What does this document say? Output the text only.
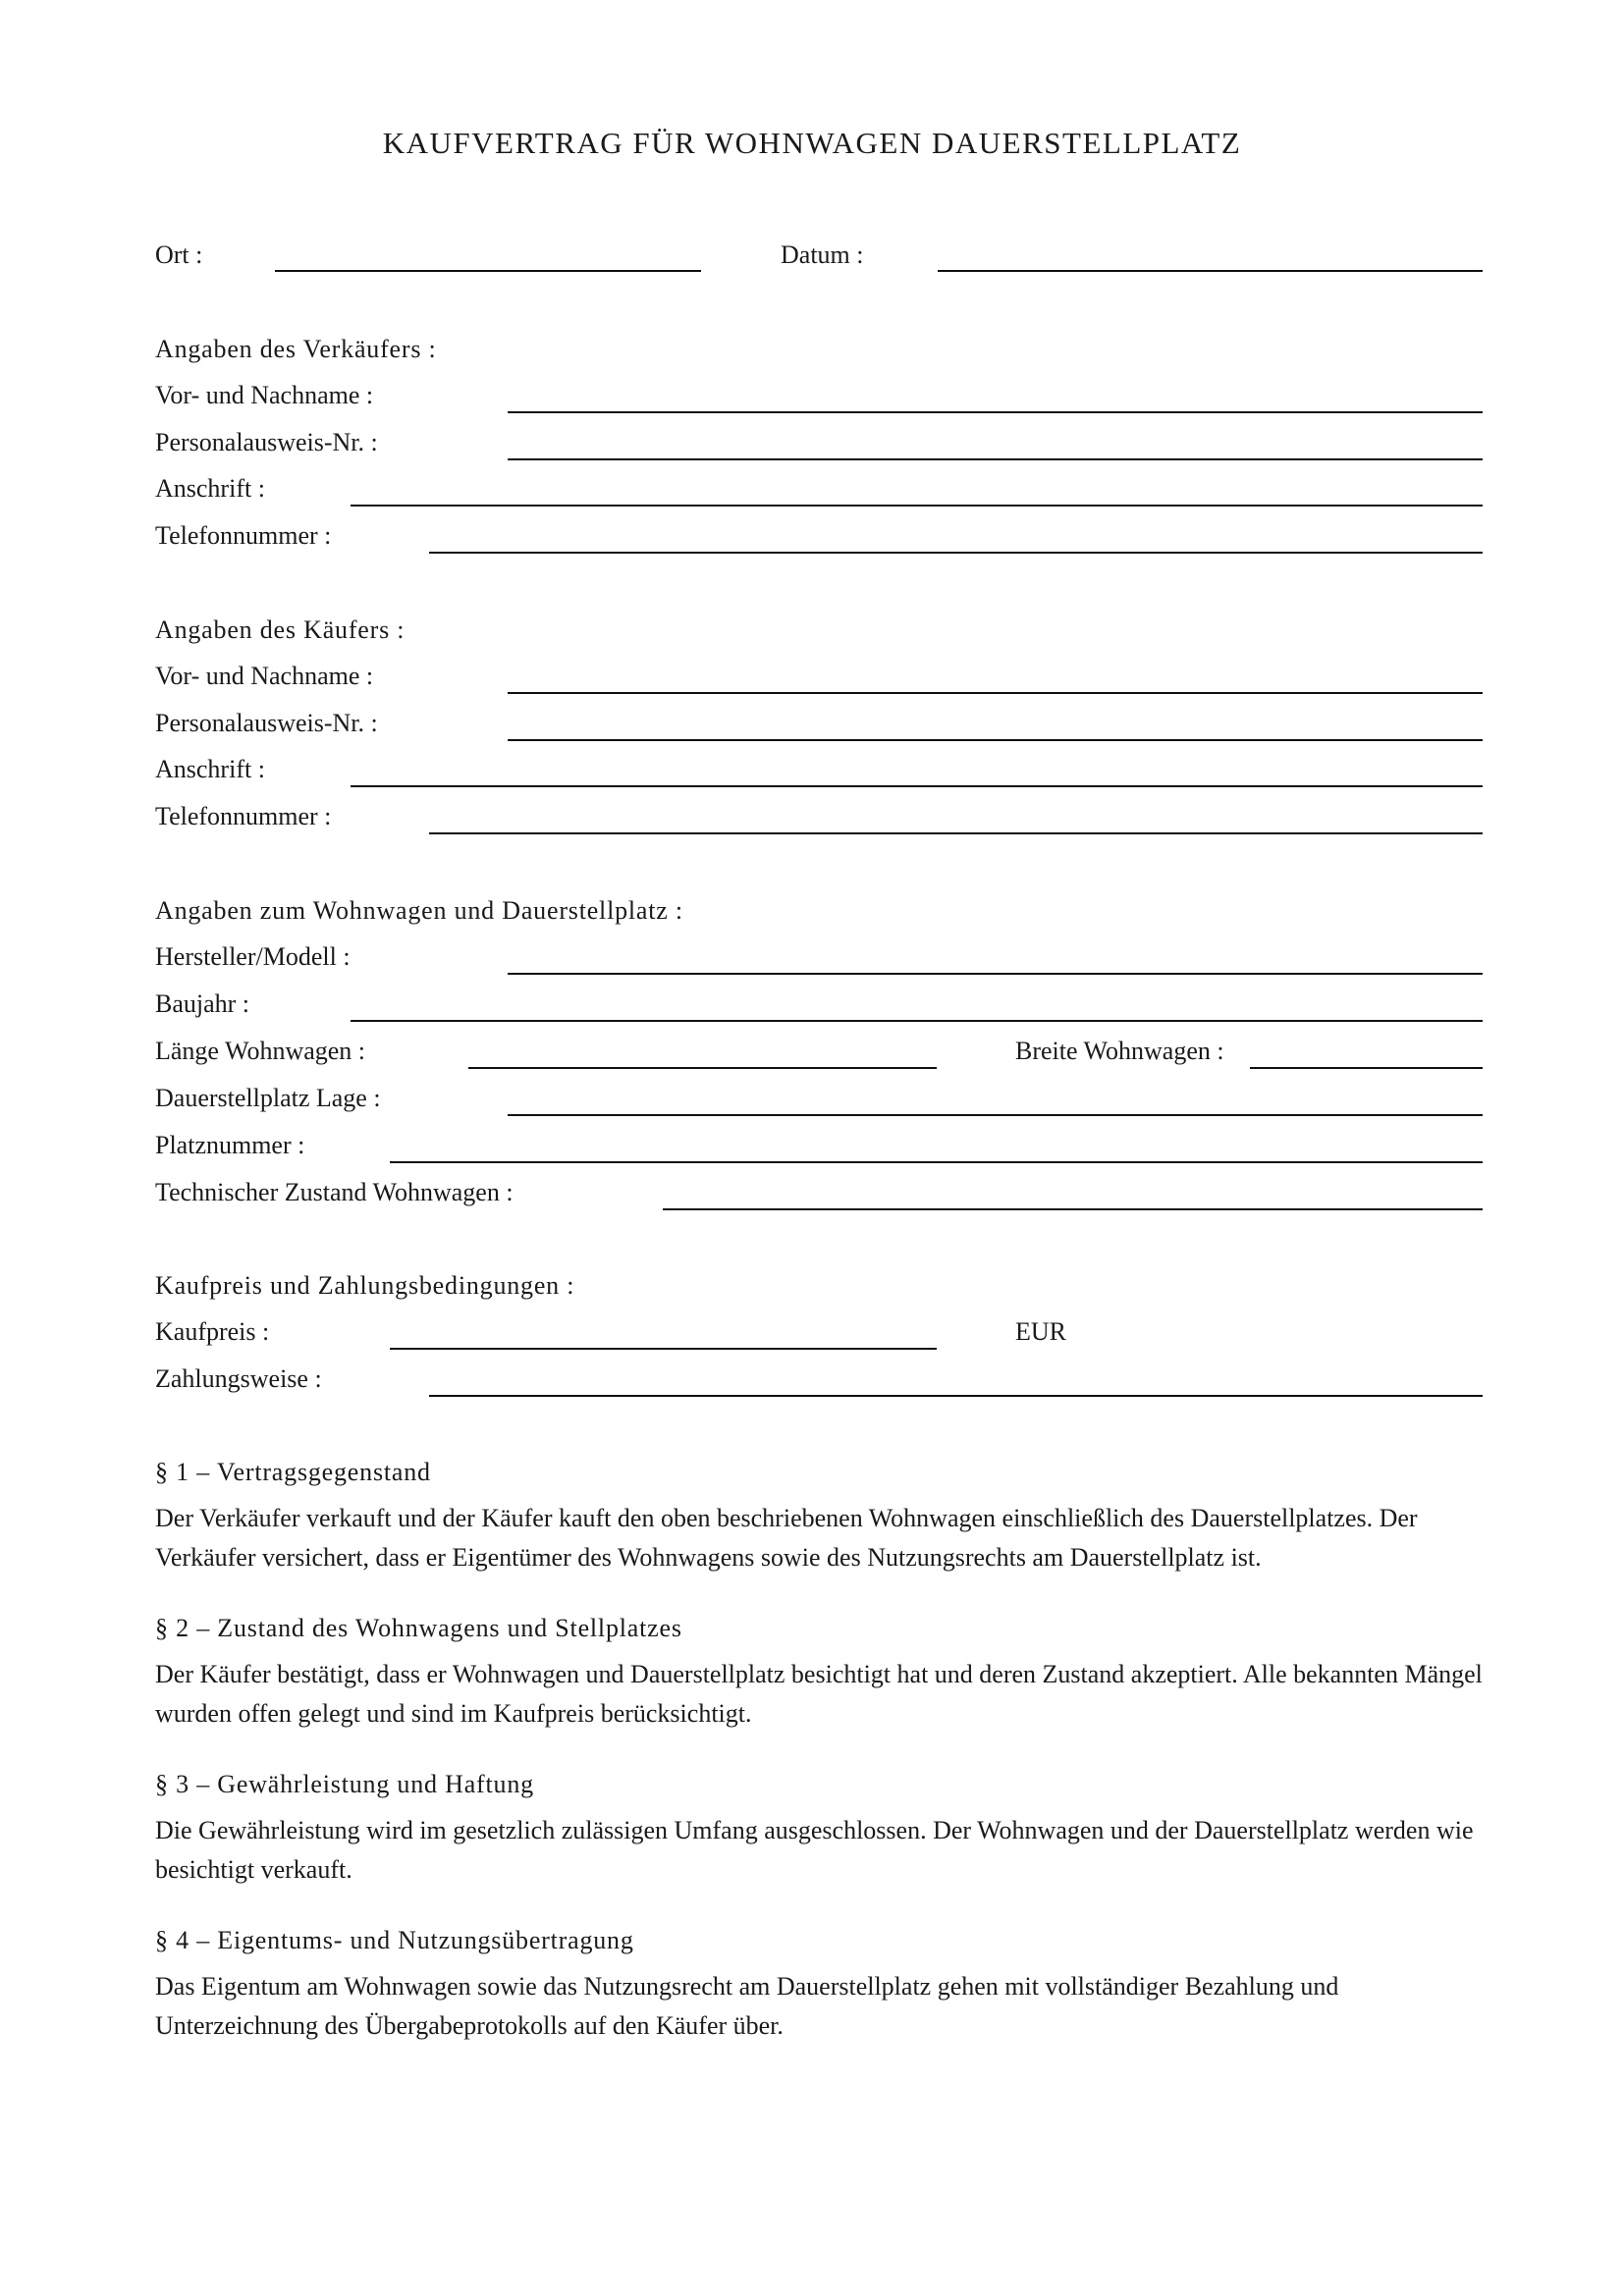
KAUFVERTRAG FÜR WOHNWAGEN DAUERSTELLPLATZ
Ort :	Datum :
Angaben des Verkäufers :
Vor- und Nachname :
Personalausweis-Nr. :
Anschrift :
Telefonnummer :
Angaben des Käufers :
Vor- und Nachname :
Personalausweis-Nr. :
Anschrift :
Telefonnummer :
Angaben zum Wohnwagen und Dauerstellplatz :
Hersteller/Modell :
Baujahr :
Länge Wohnwagen :	Breite Wohnwagen :
Dauerstellplatz Lage :
Platznummer :
Technischer Zustand Wohnwagen :
Kaufpreis und Zahlungsbedingungen :
Kaufpreis :	EUR
Zahlungsweise :
§ 1 – Vertragsgegenstand
Der Verkäufer verkauft und der Käufer kauft den oben beschriebenen Wohnwagen einschließlich des Dauerstellplatzes. Der Verkäufer versichert, dass er Eigentümer des Wohnwagens sowie des Nutzungsrechts am Dauerstellplatz ist.
§ 2 – Zustand des Wohnwagens und Stellplatzes
Der Käufer bestätigt, dass er Wohnwagen und Dauerstellplatz besichtigt hat und deren Zustand akzeptiert. Alle bekannten Mängel wurden offen gelegt und sind im Kaufpreis berücksichtigt.
§ 3 – Gewährleistung und Haftung
Die Gewährleistung wird im gesetzlich zulässigen Umfang ausgeschlossen. Der Wohnwagen und der Dauerstellplatz werden wie besichtigt verkauft.
§ 4 – Eigentums- und Nutzungsübertragung
Das Eigentum am Wohnwagen sowie das Nutzungsrecht am Dauerstellplatz gehen mit vollständiger Bezahlung und Unterzeichnung des Übergabeprotokolls auf den Käufer über.
